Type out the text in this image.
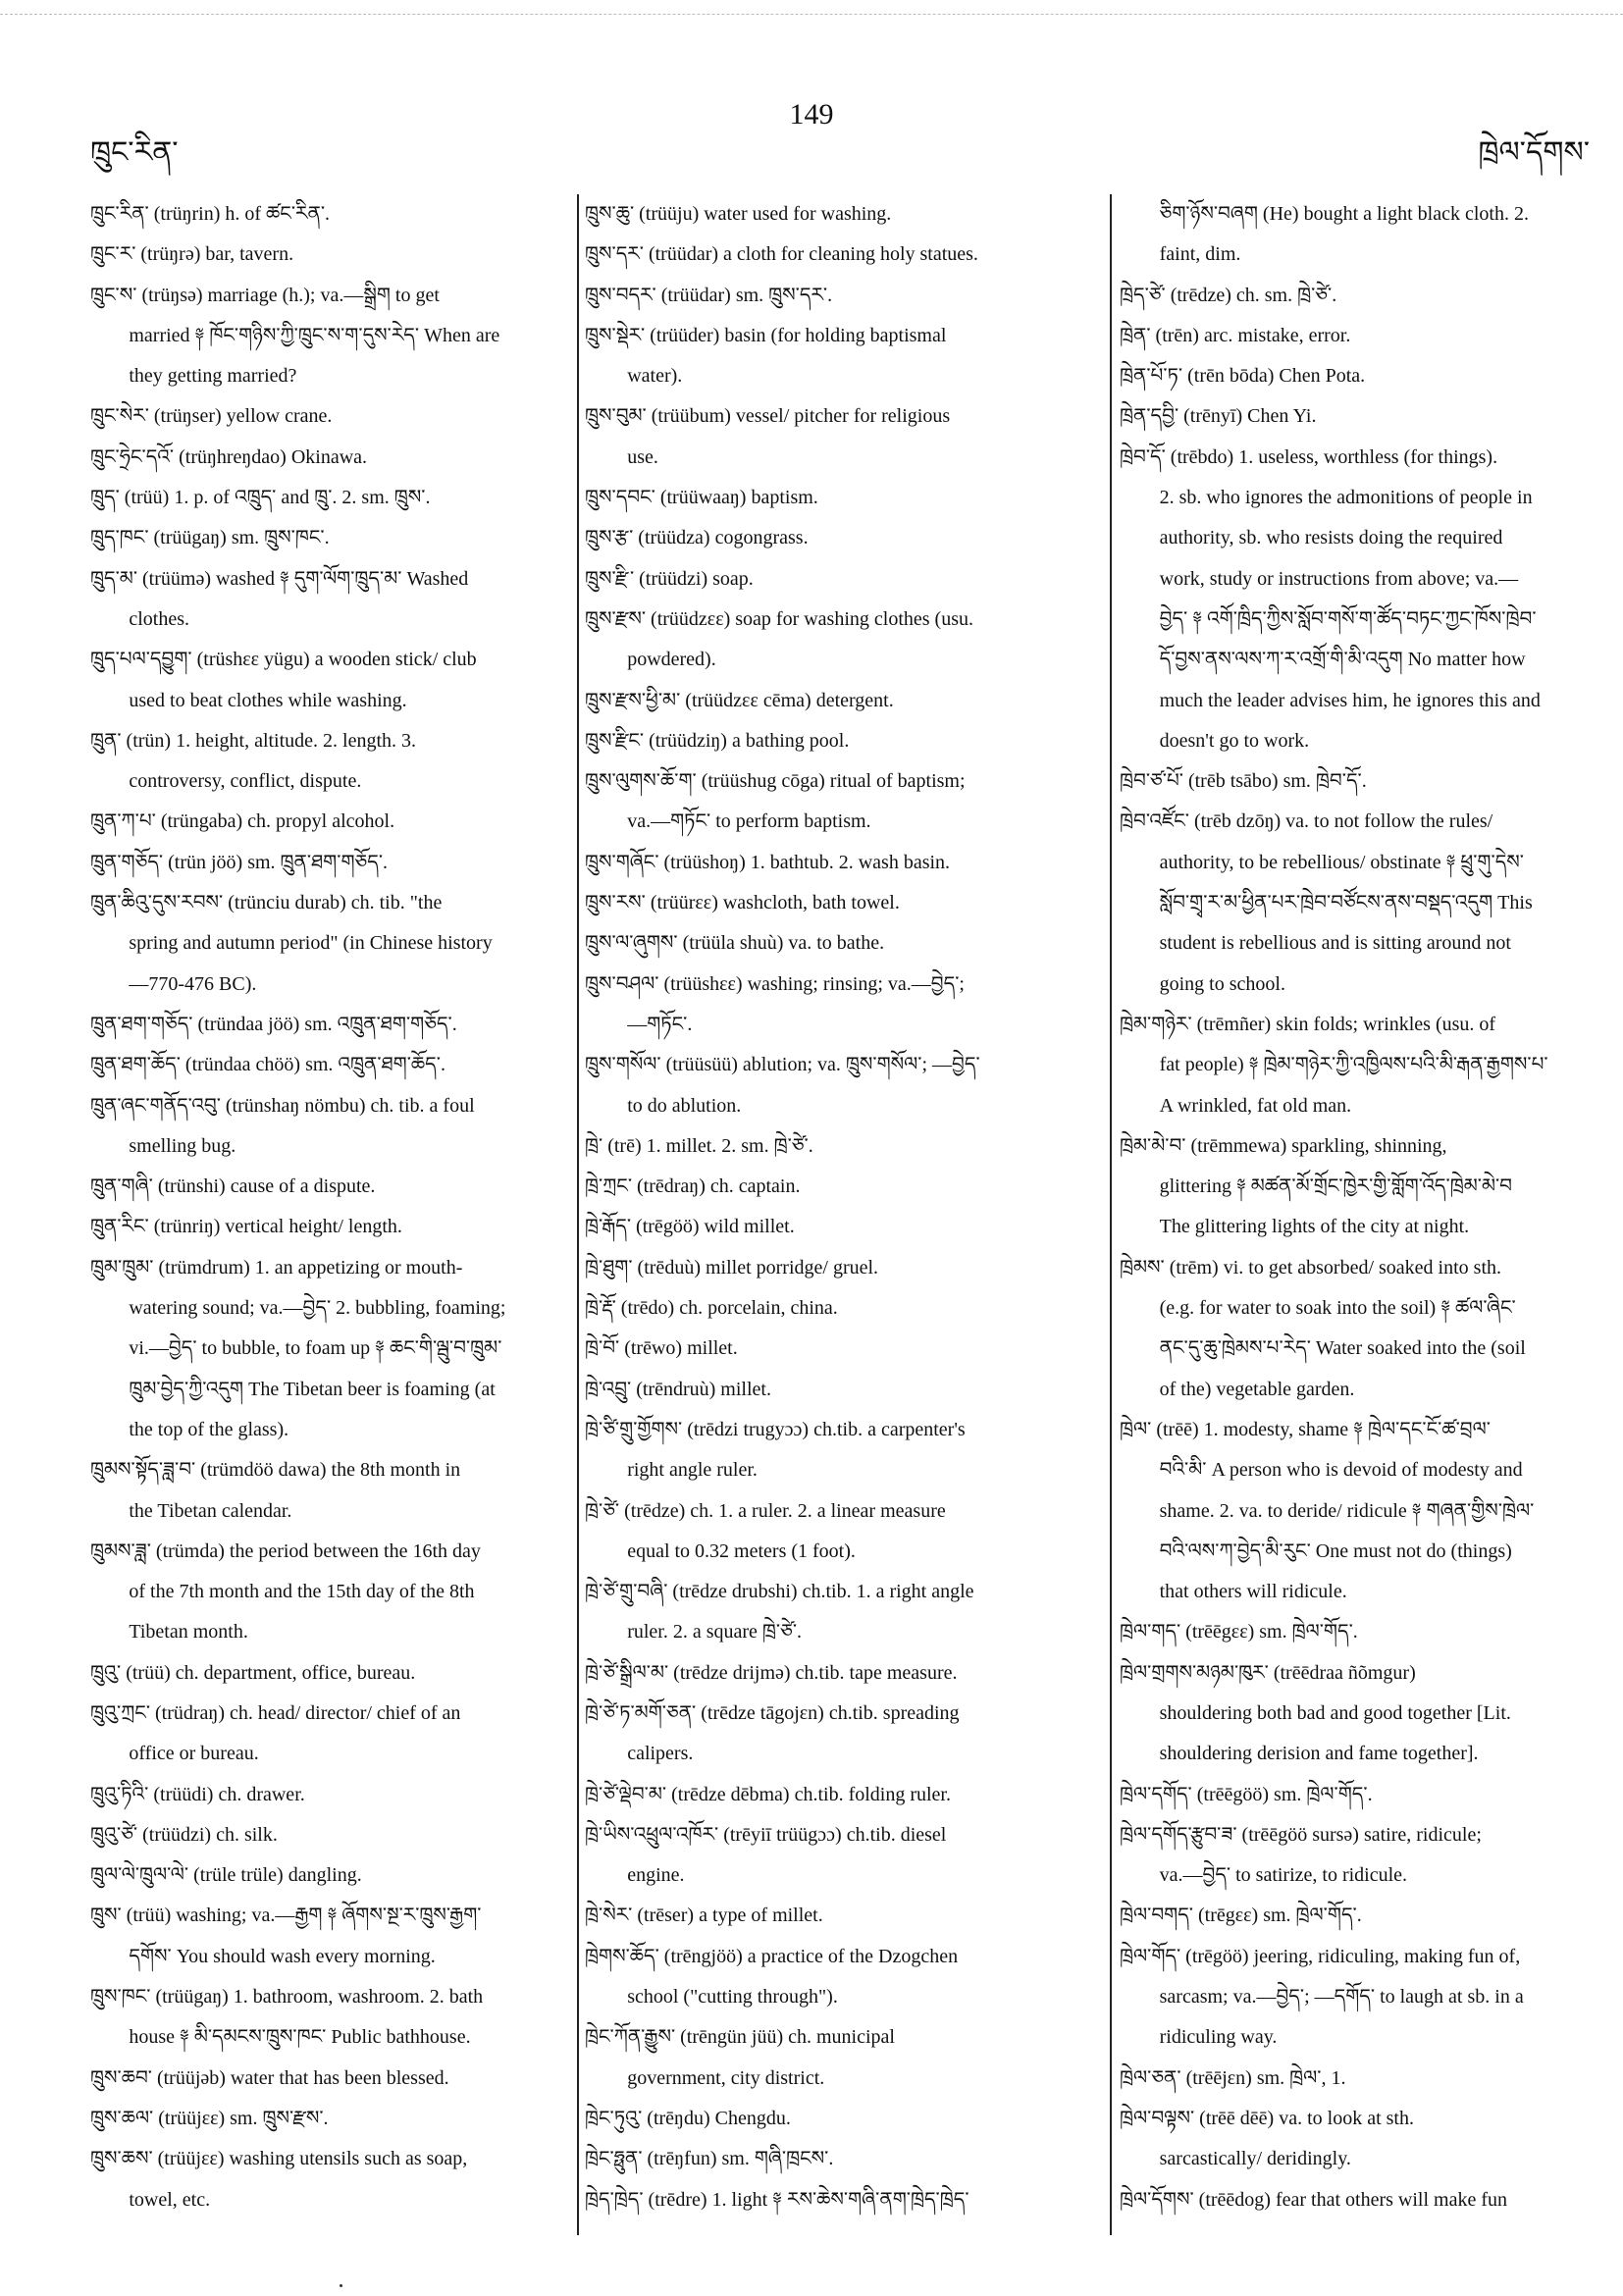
ཁྲུང་རིན་
149
ཁྲེལ་དོགས་
ཁྲུང་རིན་ (trüŋrin) h. of ཚང་རིན་.
ཁྲུང་ར་ (trüŋrə) bar, tavern.
ཁྲུང་ས་ (trüŋsə) marriage (h.); va.—སྒྲིག to get
married ༈ ཁོང་གཉིས་ཀྱི་ཁྲུང་ས་ག་དུས་རེད་ When are
they getting married?
ཁྲུང་སེར་ (trüŋser) yellow crane.
ཁྲུང་ཧྲེང་དའོ་ (trüŋhreŋdao) Okinawa.
ཁྲུད་ (trüü) 1. p. of འཁྲུད་ and ཁྲུ་. 2. sm. ཁྲུས་.
ཁྲུད་ཁང་ (trüügaŋ) sm. ཁྲུས་ཁང་.
ཁྲུད་མ་ (trüümə) washed ༈ དུག་ལོག་ཁྲུད་མ་ Washed
clothes.
ཁྲུད་པལ་དབྱུག་ (trüshɛɛ yügu) a wooden stick/ club
used to beat clothes while washing.
ཁྲུན་ (trün) 1. height, altitude. 2. length. 3.
controversy, conflict, dispute.
ཁྲུན་ཀ་པ་ (trüngaba) ch. propyl alcohol.
ཁྲུན་གཅོད་ (trün jöö) sm. ཁྲུན་ཐག་གཅོད་.
ཁྲུན་ཆིའུ་དུས་རབས་ (trünciu durab) ch. tib. "the
spring and autumn period" (in Chinese history
—770-476 BC).
ཁྲུན་ཐག་གཅོད་ (tründaa jöö) sm. འཁྲུན་ཐག་གཅོད་.
ཁྲུན་ཐག་ཆོད་ (tründaa chöö) sm. འཁྲུན་ཐག་ཆོད་.
ཁྲུན་ཞང་གནོད་འབུ་ (trünshaŋ nömbu) ch. tib. a foul
smelling bug.
ཁྲུན་གཞི་ (trünshi) cause of a dispute.
ཁྲུན་རིང་ (trünriŋ) vertical height/ length.
ཁྲུམ་ཁྲུམ་ (trümdrum) 1. an appetizing or mouth-
watering sound; va.—བྱེད་ 2. bubbling, foaming;
vi.—བྱེད་ to bubble, to foam up ༈ ཆང་གི་ལྦུ་བ་ཁྲུམ་
ཁྲུམ་བྱེད་ཀྱི་འདུག The Tibetan beer is foaming (at
the top of the glass).
ཁྲུམས་སྟོད་ཟླ་བ་ (trümdöö dawa) the 8th month in
the Tibetan calendar.
ཁྲུམས་ཟླ་ (trümda) the period between the 16th day
of the 7th month and the 15th day of the 8th
Tibetan month.
ཁྲུའུ་ (trüü) ch. department, office, bureau.
ཁྲུའུ་ཀྲང་ (trüdraŋ) ch. head/ director/ chief of an
office or bureau.
ཁྲུའུ་ཏིའི་ (trüüdi) ch. drawer.
ཁྲུའུ་ཙེ་ (trüüdzi) ch. silk.
ཁྲུལ་ལེ་ཁྲུལ་ལེ་ (trüle trüle) dangling.
ཁྲུས་ (trüü) washing; va.—རྒྱག ༈ ཞོགས་སྔ་ར་ཁྲུས་རྒྱག་
དགོས་ You should wash every morning.
ཁྲུས་ཁང་ (trüügaŋ) 1. bathroom, washroom. 2. bath
house ༈ མི་དམངས་ཁྲུས་ཁང་ Public bathhouse.
ཁྲུས་ཆབ་ (trüüjəb) water that has been blessed.
ཁྲུས་ཆལ་ (trüüjɛɛ) sm. ཁྲུས་རྫས་.
ཁྲུས་ཆས་ (trüüjɛɛ) washing utensils such as soap,
towel, etc.
ཁྲུས་ཆུ་ (trüüju) water used for washing.
ཁྲུས་དར་ (trüüdar) a cloth for cleaning holy statues.
ཁྲུས་བདར་ (trüüdar) sm. ཁྲུས་དར་.
ཁྲུས་སྡེར་ (trüüder) basin (for holding baptismal
water).
ཁྲུས་བུམ་ (trüübum) vessel/ pitcher for religious
use.
ཁྲུས་དབང་ (trüüwaaŋ) baptism.
ཁྲུས་རྩ་ (trüüdza) cogongrass.
ཁྲུས་རྫི་ (trüüdzi) soap.
ཁྲུས་རྫས་ (trüüdzɛɛ) soap for washing clothes (usu.
powdered).
ཁྲུས་རྫས་ཕྱི་མ་ (trüüdzɛɛ cēma) detergent.
ཁྲུས་རྫིང་ (trüüdziŋ) a bathing pool.
ཁྲུས་ལུགས་ཆོ་ག་ (trüüshug cōga) ritual of baptism;
va.—གཏོང་ to perform baptism.
ཁྲུས་གཞོང་ (trüüshoŋ) 1. bathtub. 2. wash basin.
ཁྲུས་རས་ (trüürɛɛ) washcloth, bath towel.
ཁྲུས་ལ་ཞུགས་ (trüüla shuù) va. to bathe.
ཁྲུས་བཤལ་ (trüüshɛɛ) washing; rinsing; va.—བྱེད་;
—གཏོང་.
ཁྲུས་གསོལ་ (trüüsüü) ablution; va. ཁྲུས་གསོལ་; —བྱེད་
to do ablution.
ཁྲེ་ (trē) 1. millet. 2. sm. ཁྲེ་ཙེ་.
ཁྲེ་ཀྲང་ (trēdraŋ) ch. captain.
ཁྲེ་རྒོད་ (trēgöö) wild millet.
ཁྲེ་ཐུག་ (trēduù) millet porridge/ gruel.
ཁྲེ་རྡོ་ (trēdo) ch. porcelain, china.
ཁྲེ་བོ་ (trēwo) millet.
ཁྲེ་འབྲུ་ (trēndruù) millet.
ཁྲེ་ཙི་གྲུ་གྱོགས་ (trēdzi trugyɔɔ) ch.tib. a carpenter's
right angle ruler.
ཁྲེ་ཙེ་ (trēdze) ch. 1. a ruler. 2. a linear measure
equal to 0.32 meters (1 foot).
ཁྲེ་ཙེ་གྲུ་བཞི་ (trēdze drubshi) ch.tib. 1. a right angle
ruler. 2. a square ཁྲེ་ཙེ་.
ཁྲེ་ཙེ་སྒྲིལ་མ་ (trēdze drijmə) ch.tib. tape measure.
ཁྲེ་ཙེ་ཏ་མགོ་ཅན་ (trēdze tāgojɛn) ch.tib. spreading
calipers.
ཁྲེ་ཙེ་ལྡེབ་མ་ (trēdze dēbma) ch.tib. folding ruler.
ཁྲེ་ཡིས་འཕྲུལ་འཁོར་ (trēyiī trüügɔɔ) ch.tib. diesel
engine.
ཁྲེ་སེར་ (trēser) a type of millet.
ཁྲེགས་ཆོད་ (trēngjöö) a practice of the Dzogchen
school ("cutting through").
ཁྲེང་ཀོན་རྒྱུས་ (trēngün jüü) ch. municipal
government, city district.
ཁྲེང་ཏུའུ་ (trēŋdu) Chengdu.
ཁྲེང་ཧྥུན་ (trēŋfun) sm. གཞི་ཁྲངས་.
ཁྲེད་ཁྲེད་ (trēdre) 1. light ༈ རས་ཆེས་གཞི་ནག་ཁྲེད་ཁྲེད་
ཅིག་ཉོས་བཞག (He) bought a light black cloth. 2.
faint, dim.
ཁྲེད་ཙེ་ (trēdze) ch. sm. ཁྲེ་ཙེ་.
ཁྲེན་ (trēn) arc. mistake, error.
ཁྲེན་པོ་ཏ་ (trēn bōda) Chen Pota.
ཁྲེན་དབྱི་ (trēnyī) Chen Yi.
ཁྲེབ་དོ་ (trēbdo) 1. useless, worthless (for things).
2. sb. who ignores the admonitions of people in
authority, sb. who resists doing the required
work, study or instructions from above; va.—
བྱེད་ ༈ འགོ་ཁྲིད་ཀྱིས་སློབ་གསོ་ག་ཚོད་བཏང་ཀྱང་ཁོས་ཁྲེབ་
དོ་བྱས་ནས་ལས་ཀ་ར་འགྲོ་གི་མི་འདུག No matter how
much the leader advises him, he ignores this and
doesn't go to work.
ཁྲེབ་ཙ་པོ་ (trēb tsābo) sm. ཁྲེབ་དོ་.
ཁྲེབ་འཛོང་ (trēb dzōŋ) va. to not follow the rules/
authority, to be rebellious/ obstinate ༈ ཕྲུ་གུ་དེས་
སློབ་གྲྭ་ར་མ་ཕྱིན་པར་ཁྲེབ་བཙོངས་ནས་བསྡད་འདུག This
student is rebellious and is sitting around not
going to school.
ཁྲེམ་གཉེར་ (trēmñer) skin folds; wrinkles (usu. of
fat people) ༈ ཁྲེམ་གཉེར་ཀྱི་འཁྱིལས་པའི་མི་རྒན་རྒྱགས་པ་
A wrinkled, fat old man.
ཁྲེམ་མེ་བ་ (trēmmewa) sparkling, shinning,
glittering ༈ མཚན་མོ་གྲོང་ཁྱེར་གྱི་གློག་འོད་ཁྲེམ་མེ་བ
The glittering lights of the city at night.
ཁྲེམས་ (trēm) vi. to get absorbed/ soaked into sth.
(e.g. for water to soak into the soil) ༈ ཚལ་ཞིང་
ནང་དུ་ཆུ་ཁྲེམས་པ་རེད་ Water soaked into the (soil
of the) vegetable garden.
ཁྲེལ་ (trēē) 1. modesty, shame ༈ ཁྲེལ་དང་ངོ་ཚ་བྲལ་
བའི་མི་ A person who is devoid of modesty and
shame. 2. va. to deride/ ridicule ༈ གཞན་གྱིས་ཁྲེལ་
བའི་ལས་ཀ་བྱེད་མི་རུང་ One must not do (things)
that others will ridicule.
ཁྲེལ་གད་ (trēēgɛɛ) sm. ཁྲེལ་གོད་.
ཁྲེལ་གྲགས་མཉམ་ཁུར་ (trēēdraa ñõmgur)
shouldering both bad and good together [Lit.
shouldering derision and fame together].
ཁྲེལ་དགོད་ (trēēgöö) sm. ཁྲེལ་གོད་.
ཁྲེལ་དགོད་རྩུབ་ཟ་ (trēēgöö sursə) satire, ridicule;
va.—བྱེད་ to satirize, to ridicule.
ཁྲེལ་བགད་ (trēgɛɛ) sm. ཁྲེལ་གོད་.
ཁྲེལ་གོད་ (trēgöö) jeering, ridiculing, making fun of,
sarcasm; va.—བྱེད་; —དགོད་ to laugh at sb. in a
ridiculing way.
ཁྲེལ་ཅན་ (trēējɛn) sm. ཁྲེལ་, 1.
ཁྲེལ་བལྟས་ (trēē dēē) va. to look at sth.
sarcastically/ deridingly.
ཁྲེལ་དོགས་ (trēēdog) fear that others will make fun
